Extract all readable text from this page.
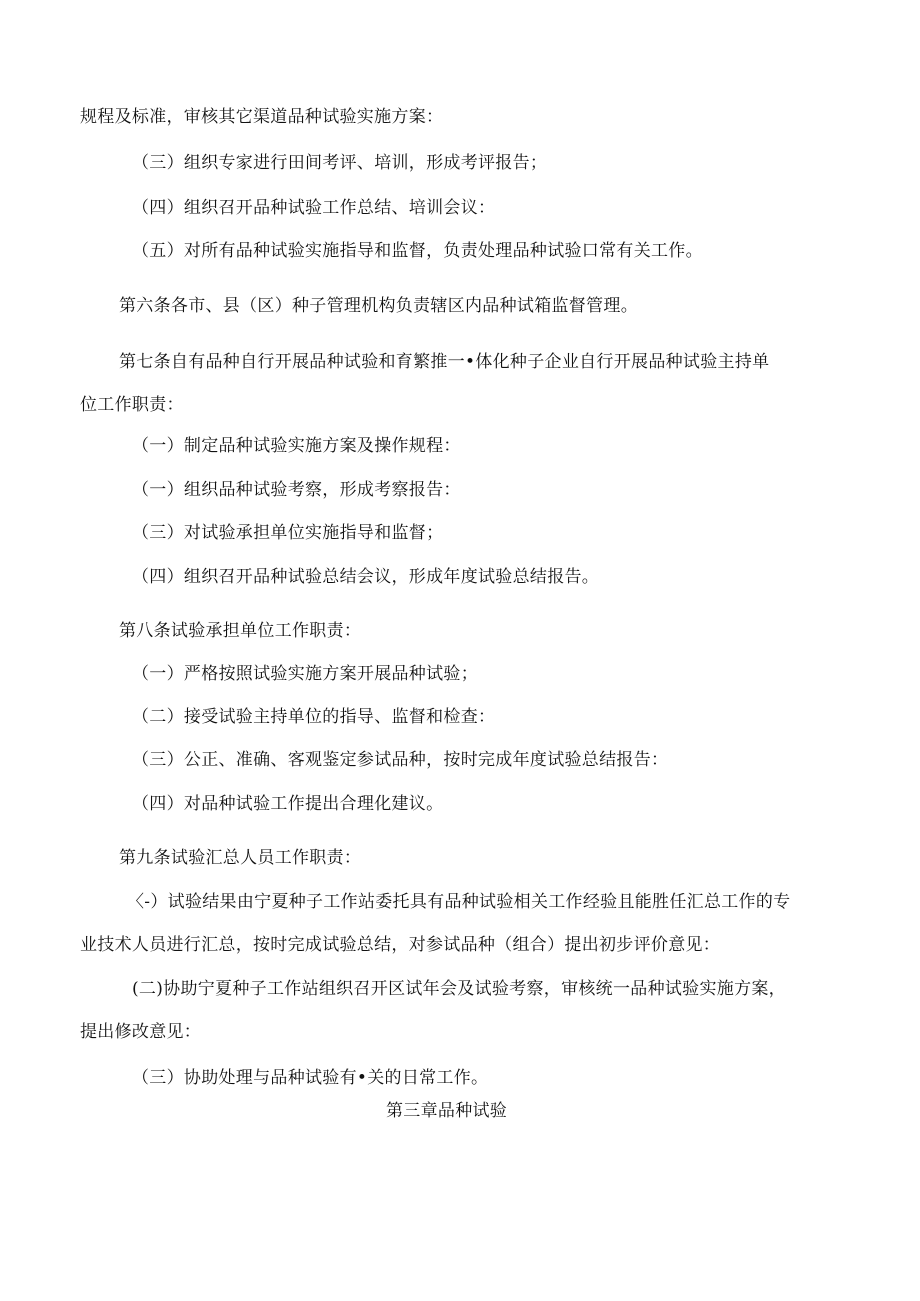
规程及标准，审核其它渠道品种试验实施方案：
（三）组织专家进行田间考评、培训，形成考评报告；
（四）组织召开品种试验工作总结、培训会议：
（五）对所有品种试验实施指导和监督，负责处理品种试验口常有关工作。
第六条各市、县（区）种子管理机构负责辖区内品种试箱监督管理。
第七条自有品种自行开展品种试验和育繁推一•体化种子企业自行开展品种试验主持单
位工作职责：
（一）制定品种试验实施方案及操作规程：
（一）组织品种试验考察，形成考察报告：
（三）对试验承担单位实施指导和监督；
（四）组织召开品种试验总结会议，形成年度试验总结报告。
第八条试验承担单位工作职责：
（一）严格按照试验实施方案开展品种试验；
（二）接受试验主持单位的指导、监督和检查：
（三）公正、准确、客观鉴定参试品种，按时完成年度试验总结报告：
（四）对品种试验工作提出合理化建议。
第九条试验汇总人员工作职责：
〈-）试验结果由宁夏种子工作站委托具有品种试验相关工作经验且能胜任汇总工作的专
业技术人员进行汇总，按时完成试验总结，对参试品种（组合）提出初步评价意见：
(二)协助宁夏种子工作站组织召开区试年会及试验考察，审核统一品种试验实施方案，
提出修改意见：
（三）协助处理与品种试验有•关的日常工作。
第三章品种试验
